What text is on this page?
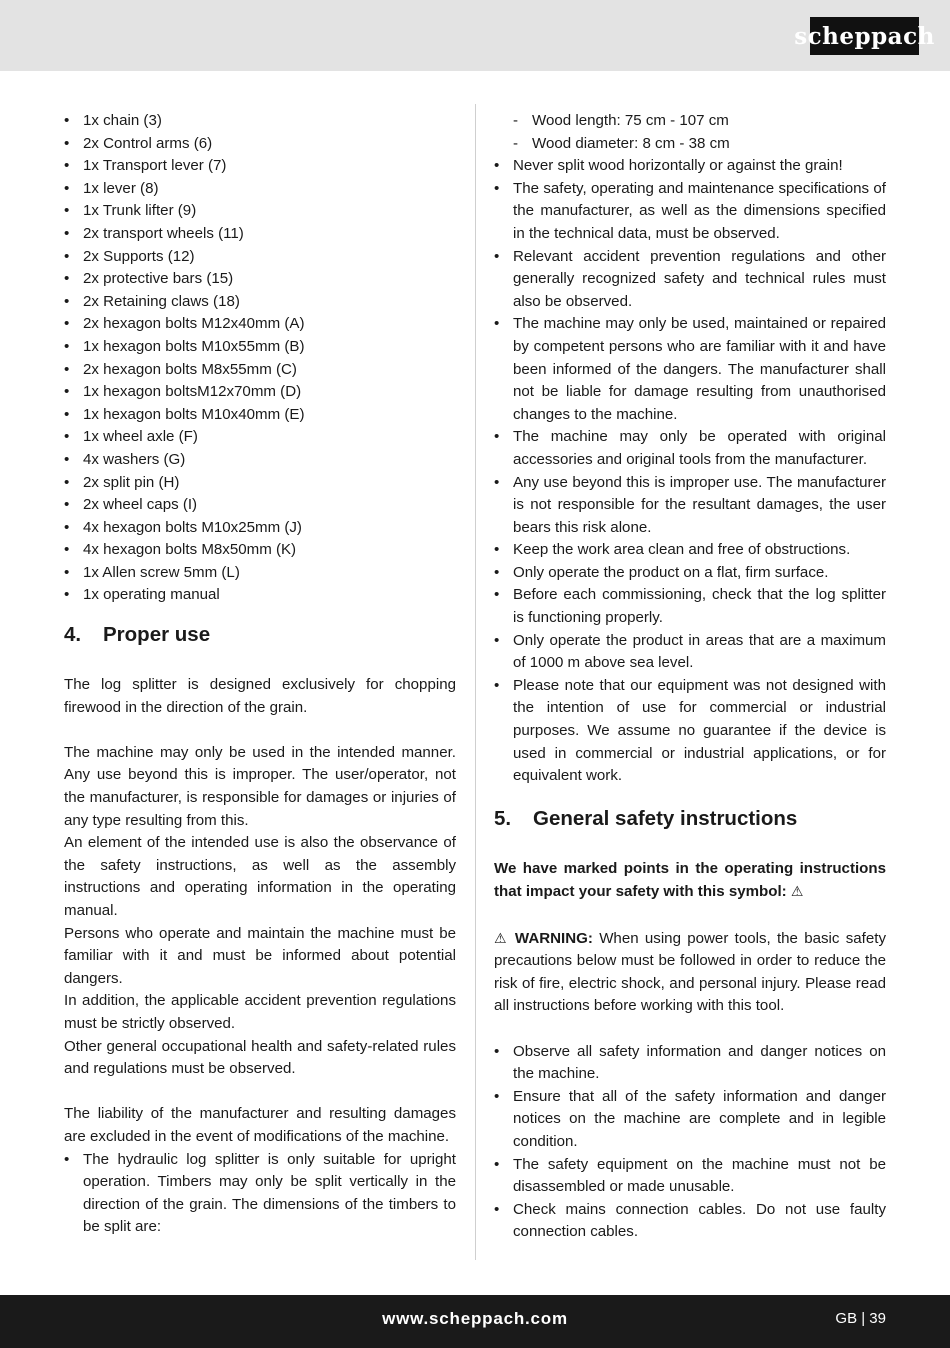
scheppach
• 1x chain (3)
• 2x Control arms (6)
• 1x Transport lever (7)
• 1x lever (8)
• 1x Trunk lifter (9)
• 2x transport wheels (11)
• 2x Supports (12)
• 2x protective bars (15)
• 2x Retaining claws (18)
• 2x hexagon bolts M12x40mm (A)
• 1x hexagon bolts M10x55mm (B)
• 2x hexagon bolts M8x55mm (C)
• 1x hexagon boltsM12x70mm (D)
• 1x hexagon bolts M10x40mm (E)
• 1x wheel axle (F)
• 4x washers (G)
• 2x split pin (H)
• 2x wheel caps (I)
• 4x hexagon bolts M10x25mm (J)
• 4x hexagon bolts M8x50mm (K)
• 1x Allen screw 5mm (L)
• 1x operating manual
4.	Proper use

The log splitter is designed exclusively for chopping firewood in the direction of the grain.

The machine may only be used in the intended manner. Any use beyond this is improper. The user/operator, not the manufacturer, is responsible for damages or injuries of any type resulting from this.

An element of the intended use is also the observance of the safety instructions, as well as the assembly instructions and operating information in the operating manual.

Persons who operate and maintain the machine must be familiar with it and must be informed about potential dangers.

In addition, the applicable accident prevention regulations must be strictly observed.

Other general occupational health and safety-related rules and regulations must be observed.

The liability of the manufacturer and resulting damages are excluded in the event of modifications of the machine.

• The hydraulic log splitter is only suitable for upright operation. Timbers may only be split vertically in the direction of the grain. The dimensions of the timbers to be split are:
- Wood length: 75 cm - 107 cm
- Wood diameter: 8 cm - 38 cm
• Never split wood horizontally or against the grain!
• The safety, operating and maintenance specifications of the manufacturer, as well as the dimensions specified in the technical data, must be observed.
• Relevant accident prevention regulations and other generally recognized safety and technical rules must also be observed.
• The machine may only be used, maintained or repaired by competent persons who are familiar with it and have been informed of the dangers. The manufacturer shall not be liable for damage resulting from unauthorised changes to the machine.
• The machine may only be operated with original accessories and original tools from the manufacturer.
• Any use beyond this is improper use. The manufacturer is not responsible for the resultant damages, the user bears this risk alone.
• Keep the work area clean and free of obstructions.
• Only operate the product on a flat, firm surface.
• Before each commissioning, check that the log splitter is functioning properly.
• Only operate the product in areas that are a maximum of 1000 m above sea level.
• Please note that our equipment was not designed with the intention of use for commercial or industrial purposes. We assume no guarantee if the device is used in commercial or industrial applications, or for equivalent work.
5.	General safety instructions

We have marked points in the operating instructions that impact your safety with this symbol: ⚠

⚠ WARNING: When using power tools, the basic safety precautions below must be followed in order to reduce the risk of fire, electric shock, and personal injury. Please read all instructions before working with this tool.

• Observe all safety information and danger notices on the machine.
• Ensure that all of the safety information and danger notices on the machine are complete and in legible condition.
• The safety equipment on the machine must not be disassembled or made unusable.
• Check mains connection cables. Do not use faulty connection cables.
www.scheppach.com	GB | 39
